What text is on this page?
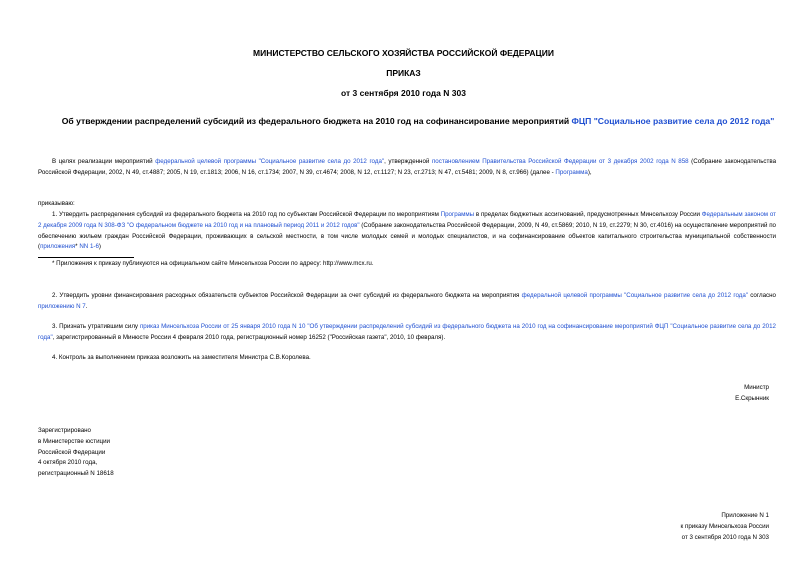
МИНИСТЕРСТВО СЕЛЬСКОГО ХОЗЯЙСТВА РОССИЙСКОЙ ФЕДЕРАЦИИ
ПРИКАЗ
от 3 сентября 2010 года N 303
Об утверждении распределений субсидий из федерального бюджета на 2010 год на софинансирование мероприятий ФЦП "Социальное развитие села до 2012 года"
В целях реализации мероприятий федеральной целевой программы "Социальное развитие села до 2012 года", утвержденной постановлением Правительства Российской Федерации от 3 декабря 2002 года N 858 (Собрание законодательства Российской Федерации, 2002, N 49, ст.4887; 2005, N 19, ст.1813; 2006, N 16, ст.1734; 2007, N 39, ст.4674; 2008, N 12, ст.1127; N 23, ст.2713; N 47, ст.5481; 2009, N 8, ст.966) (далее - Программа),
приказываю:
1. Утвердить распределения субсидий из федерального бюджета на 2010 год по субъектам Российской Федерации по мероприятиям Программы в пределах бюджетных ассигнований, предусмотренных Минсельхозу России Федеральным законом от 2 декабря 2009 года N 308-ФЗ "О федеральном бюджете на 2010 год и на плановый период 2011 и 2012 годов" (Собрание законодательства Российской Федерации, 2009, N 49, ст.5869; 2010, N 19, ст.2279; N 30, ст.4016) на осуществление мероприятий по обеспечению жильем граждан Российской Федерации, проживающих в сельской местности, в том числе молодых семей и молодых специалистов, и на софинансирование объектов капитального строительства муниципальной собственности (приложения* NN 1-6)
* Приложения к приказу публикуются на официальном сайте Минсельхоза России по адресу: http://www.mcx.ru.
2. Утвердить уровни финансирования расходных обязательств субъектов Российской Федерации за счет субсидий из федерального бюджета на мероприятия федеральной целевой программы "Социальное развитие села до 2012 года" согласно приложению N 7.
3. Признать утратившим силу приказ Минсельхоза России от 25 января 2010 года N 10 "Об утверждении распределений субсидий из федерального бюджета на 2010 год на софинансирование мероприятий ФЦП "Социальное развитие села до 2012 года", зарегистрированный в Минюсте России 4 февраля 2010 года, регистрационный номер 16252 ("Российская газета", 2010, 10 февраля).
4. Контроль за выполнением приказа возложить на заместителя Министра С.В.Королева.
Министр
Е.Скрынник
Зарегистрировано
в Министерстве юстиции
Российской Федерации
4 октября 2010 года,
регистрационный N 18618
Приложение N 1
к приказу Минсельхоза России
от 3 сентября 2010 года N 303
